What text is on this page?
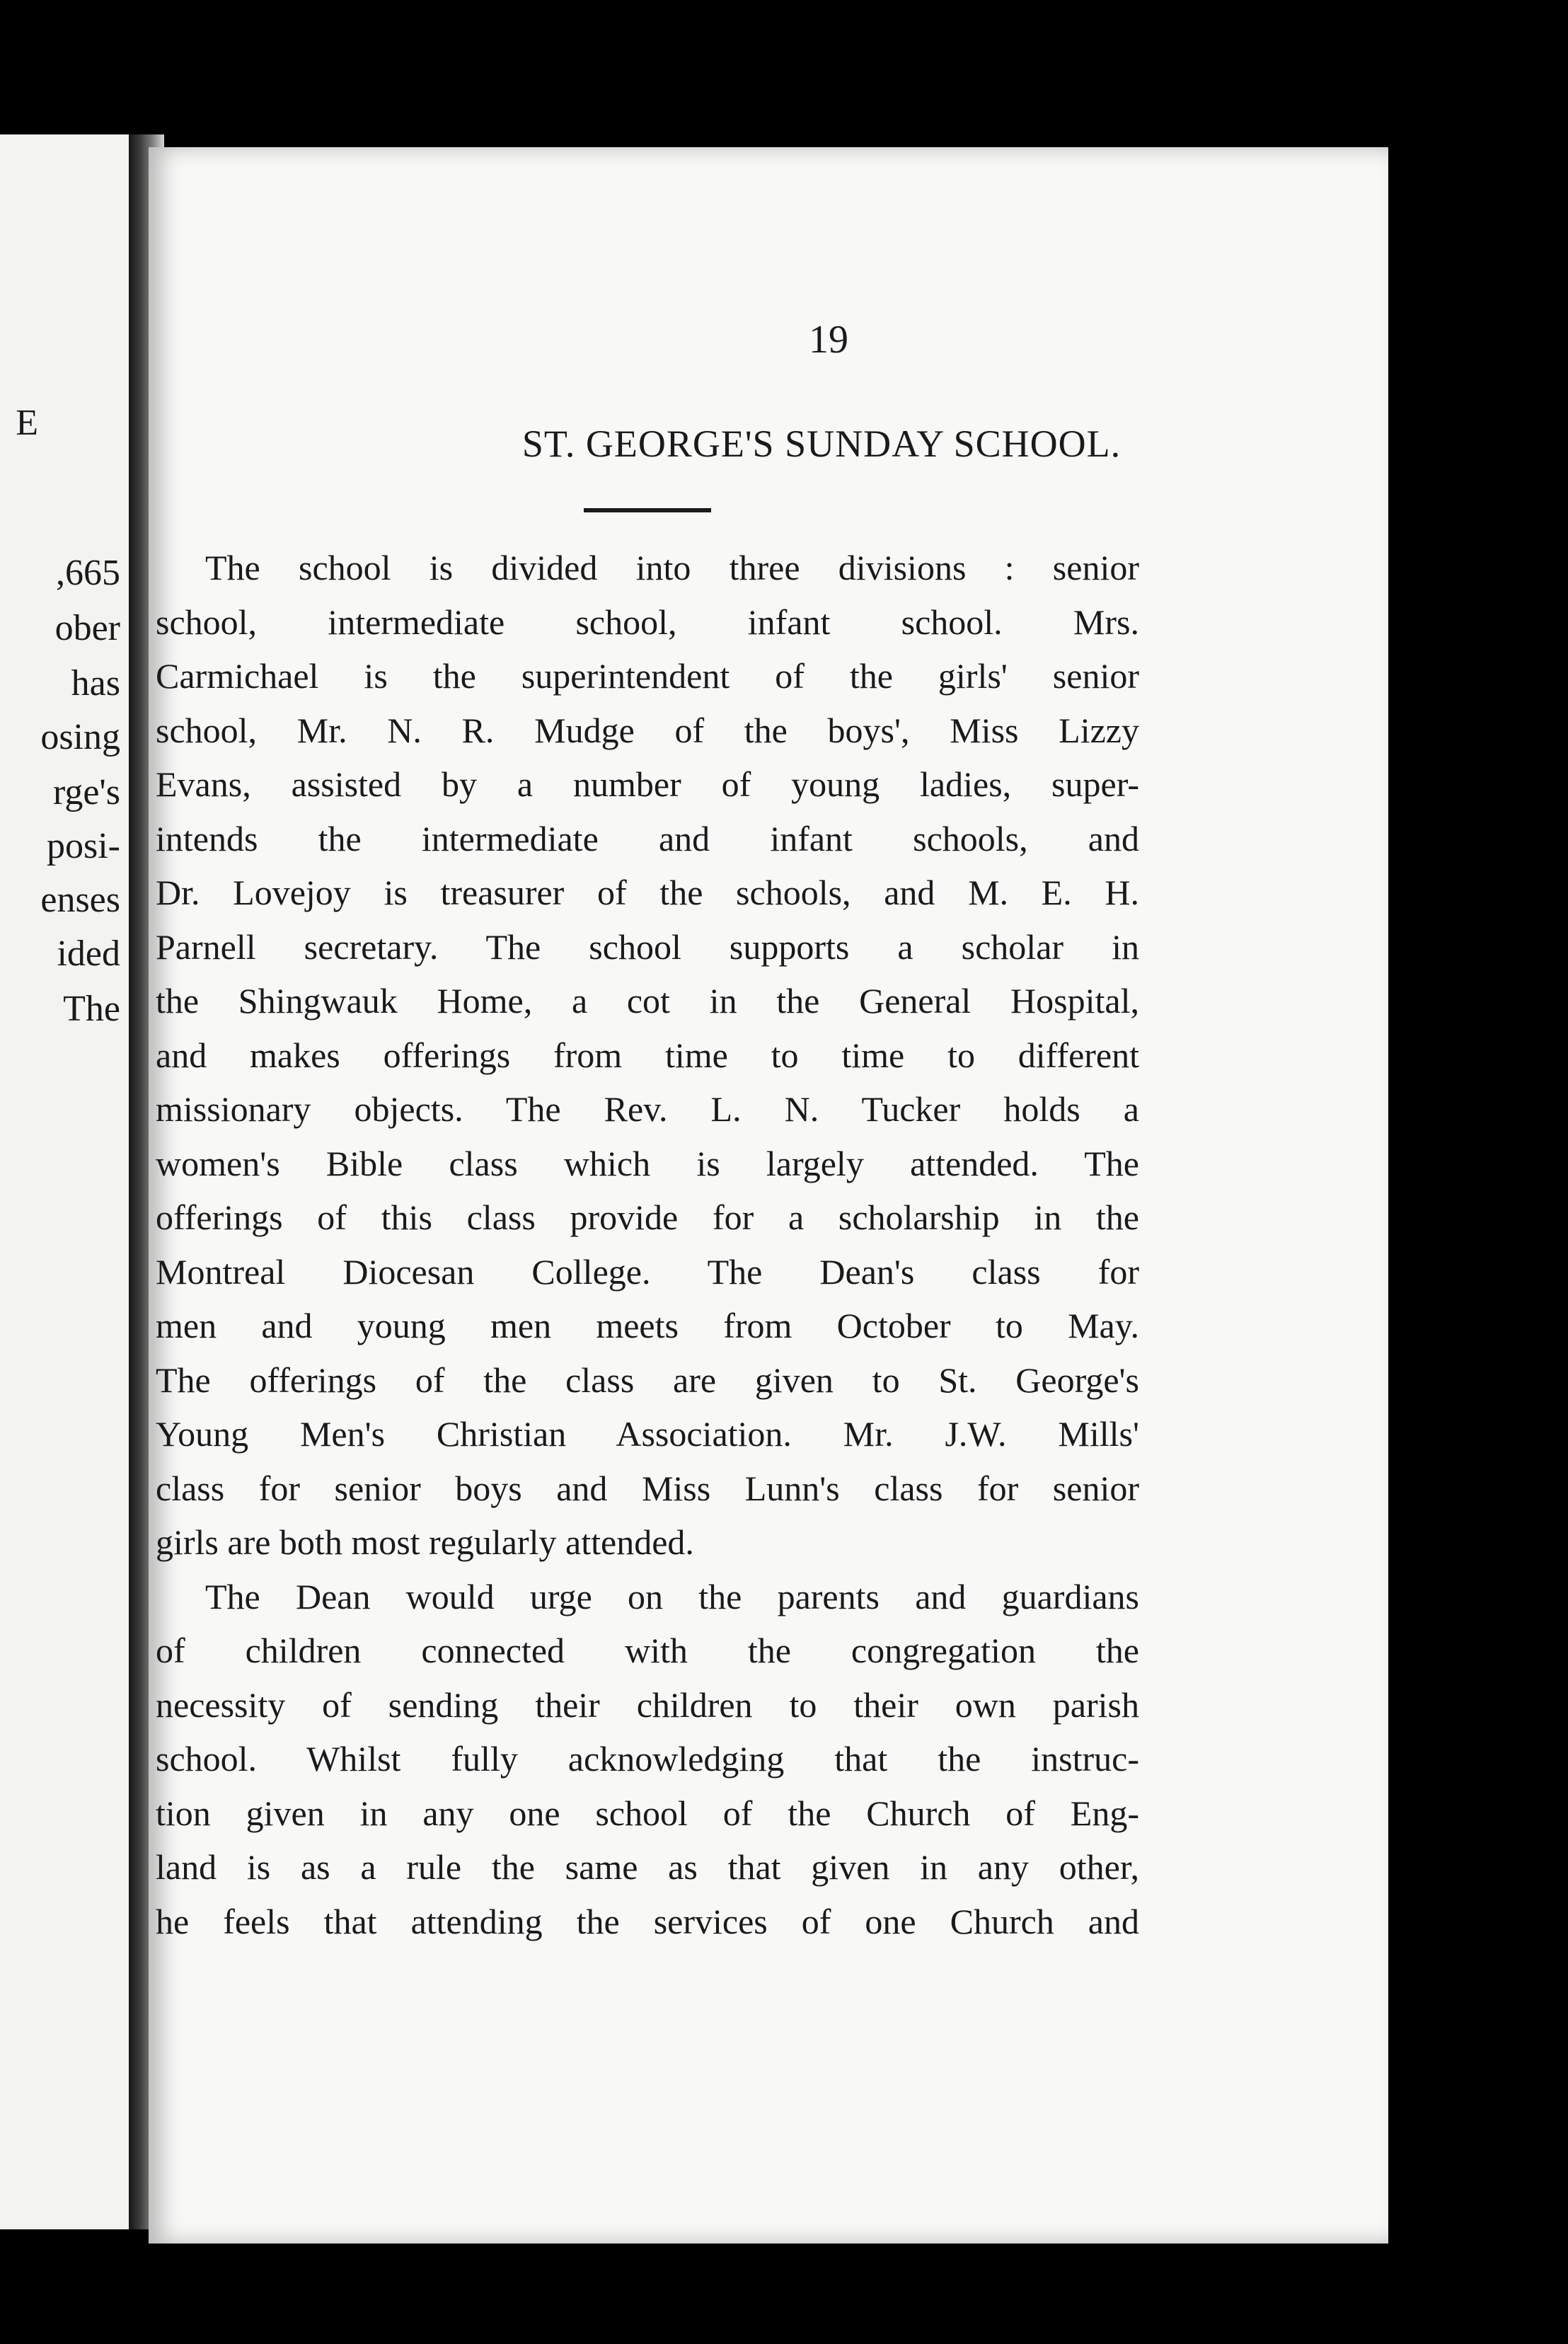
E
,665
ober
has
osing
rge's
posi-
enses
ided
The
19
ST. GEORGE'S SUNDAY SCHOOL.
The school is divided into three divisions : senior
school, intermediate school, infant school. Mrs.
Carmichael is the superintendent of the girls' senior
school, Mr. N. R. Mudge of the boys', Miss Lizzy
Evans, assisted by a number of young ladies, super-
intends the intermediate and infant schools, and
Dr. Lovejoy is treasurer of the schools, and M. E. H.
Parnell secretary. The school supports a scholar in
the Shingwauk Home, a cot in the General Hospital,
and makes offerings from time to time to different
missionary objects. The Rev. L. N. Tucker holds a
women's Bible class which is largely attended. The
offerings of this class provide for a scholarship in the
Montreal Diocesan College. The Dean's class for
men and young men meets from October to May.
The offerings of the class are given to St. George's
Young Men's Christian Association. Mr. J.W. Mills'
class for senior boys and Miss Lunn's class for senior
girls are both most regularly attended.
The Dean would urge on the parents and guardians
of children connected with the congregation the
necessity of sending their children to their own parish
school. Whilst fully acknowledging that the instruc-
tion given in any one school of the Church of Eng-
land is as a rule the same as that given in any other,
he feels that attending the services of one Church and
